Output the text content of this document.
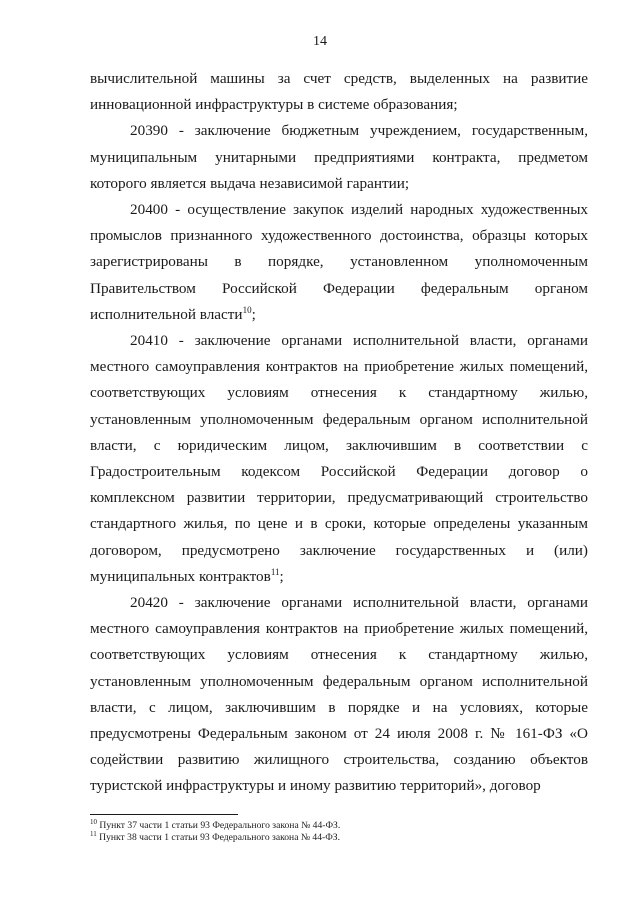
14

вычислительной машины за счет средств, выделенных на развитие инновационной инфраструктуры в системе образования;

20390 - заключение бюджетным учреждением, государственным, муниципальным унитарными предприятиями контракта, предметом которого является выдача независимой гарантии;

20400 - осуществление закупок изделий народных художественных промыслов признанного художественного достоинства, образцы которых зарегистрированы в порядке, установленном уполномоченным Правительством Российской Федерации федеральным органом исполнительной власти$^{10}$;

20410 - заключение органами исполнительной власти, органами местного самоуправления контрактов на приобретение жилых помещений, соответствующих условиям отнесения к стандартному жилью, установленным уполномоченным федеральным органом исполнительной власти, с юридическим лицом, заключившим в соответствии с Градостроительным кодексом Российской Федерации договор о комплексном развитии территории, предусматривающий строительство стандартного жилья, по цене и в сроки, которые определены указанным договором, предусмотрено заключение государственных и (или) муниципальных контрактов$^{11}$;

20420 - заключение органами исполнительной власти, органами местного самоуправления контрактов на приобретение жилых помещений, соответствующих условиям отнесения к стандартному жилью, установленным уполномоченным федеральным органом исполнительной власти, с лицом, заключившим в порядке и на условиях, которые предусмотрены Федеральным законом от 24 июля 2008 г. № 161-ФЗ «О содействии развитию жилищного строительства, созданию объектов туристской инфраструктуры и иному развитию территорий», договор

$^{10}$ Пункт 37 части 1 статьи 93 Федерального закона № 44-ФЗ.
$^{11}$ Пункт 38 части 1 статьи 93 Федерального закона № 44-ФЗ.
